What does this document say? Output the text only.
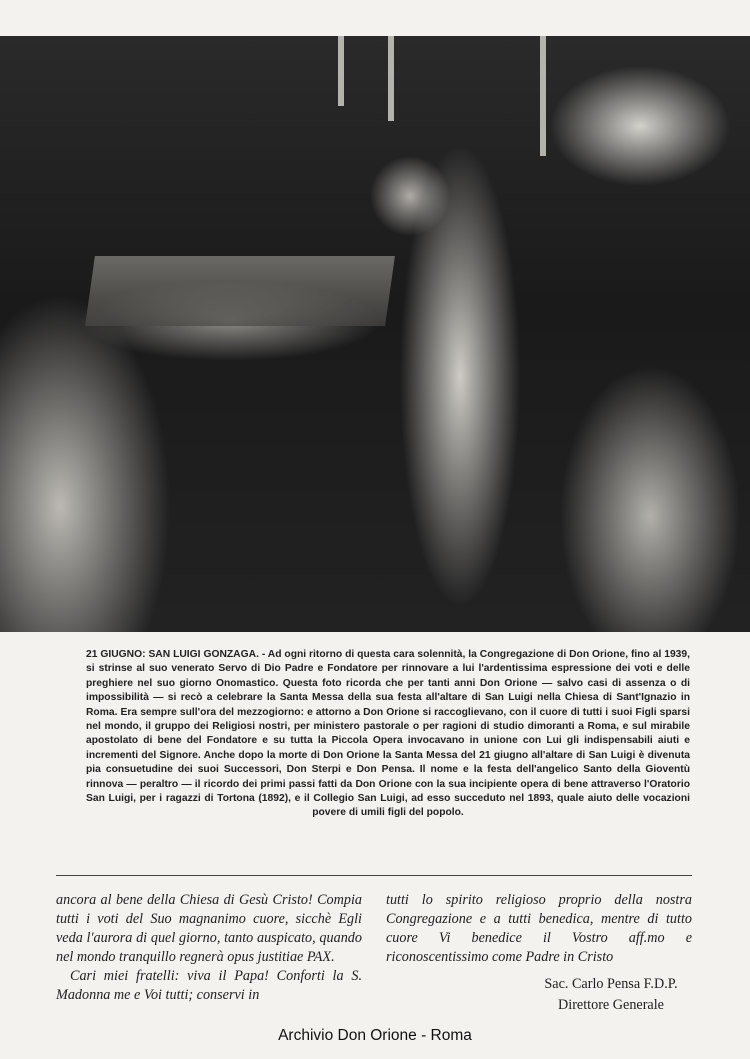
21 GIUGNO: SAN LUIGI GONZAGA. - Ad ogni ritorno di questa cara solennità, la Congregazione di Don Orione, fino al 1939, si strinse al suo venerato Servo di Dio Padre e Fondatore per rinnovare a lui l'ardentissima espressione dei voti e delle preghiere nel suo giorno Onomastico. Questa foto ricorda che per tanti anni Don Orione — salvo casi di assenza o di impossibilità — si recò a celebrare la Santa Messa della sua festa all'altare di San Luigi nella Chiesa di Sant'Ignazio in Roma. Era sempre sull'ora del mezzogiorno: e attorno a Don Orione si raccoglievano, con il cuore di tutti i suoi Figli sparsi nel mondo, il gruppo dei Religiosi nostri, per ministero pastorale o per ragioni di studio dimoranti a Roma, e sul mirabile apostolato di bene del Fondatore e su tutta la Piccola Opera invocavano in unione con Lui gli indispensabili aiuti e incrementi del Signore. Anche dopo la morte di Don Orione la Santa Messa del 21 giugno all'altare di San Luigi è divenuta pia consuetudine dei suoi Successori, Don Sterpi e Don Pensa. Il nome e la festa dell'angelico Santo della Gioventù rinnova — peraltro — il ricordo dei primi passi fatti da Don Orione con la sua incipiente opera di bene attraverso l'Oratorio San Luigi, per i ragazzi di Tortona (1892), e il Collegio San Luigi, ad esso succeduto nel 1893, quale aiuto delle vocazioni povere di umili figli del popolo.

ancora al bene della Chiesa di Gesù Cristo! Compia tutti i voti del Suo magnanimo cuore, sicchè Egli veda l'aurora di quel giorno, tanto auspicato, quando nel mondo tranquillo regnerà opus justitiae PAX.

Cari miei fratelli: viva il Papa! Conforti la S. Madonna me e Voi tutti; conservi in

tutti lo spirito religioso proprio della nostra Congregazione e a tutti benedica, mentre di tutto cuore Vi benedice il Vostro aff.mo e riconoscentissimo come Padre in Cristo

Sac. Carlo Pensa F.D.P.
Direttore Generale
Archivio Don Orione - Roma
